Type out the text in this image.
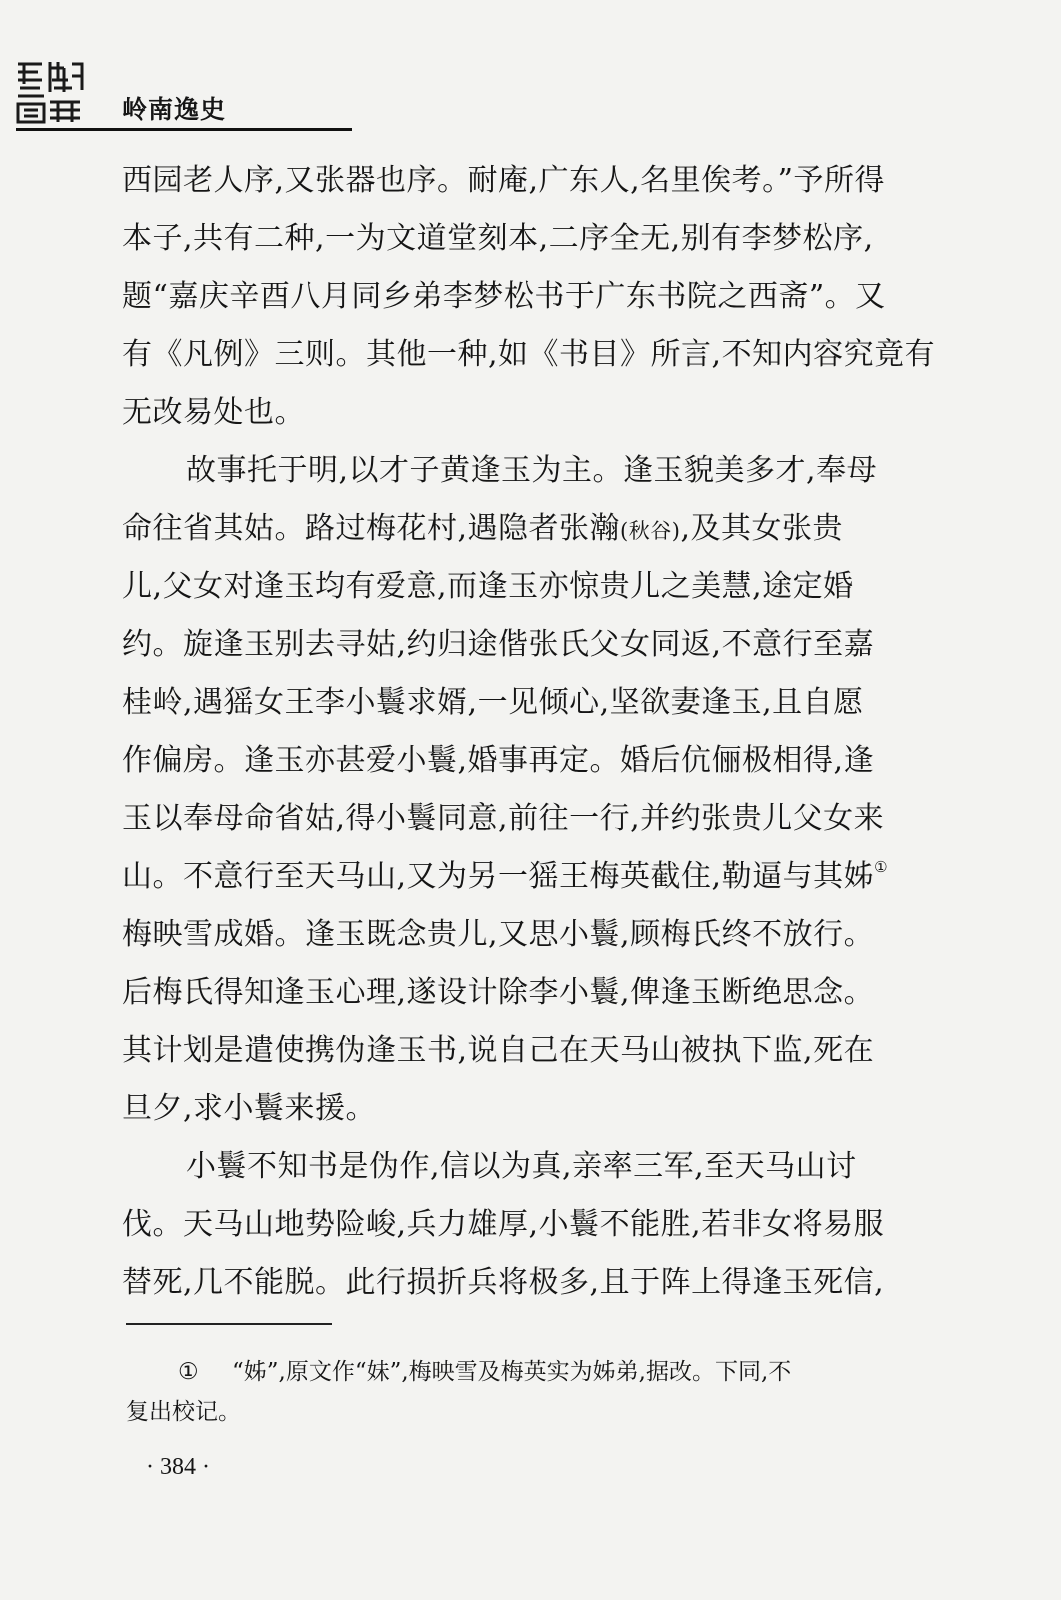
岭南逸史
西园老人序,又张器也序。耐庵,广东人,名里俟考。”予所得
本子,共有二种,一为文道堂刻本,二序全无,别有李梦松序,
题“嘉庆辛酉八月同乡弟李梦松书于广东书院之西斋”。又
有《凡例》三则。其他一种,如《书目》所言,不知内容究竟有
无改易处也。
故事托于明,以才子黄逢玉为主。逢玉貌美多才,奉母
命往省其姑。路过梅花村,遇隐者张瀚(秋谷),及其女张贵
儿,父女对逢玉均有爱意,而逢玉亦惊贵儿之美慧,途定婚
约。旋逢玉别去寻姑,约归途偕张氏父女同返,不意行至嘉
桂岭,遇猺女王李小鬟求婿,一见倾心,坚欲妻逢玉,且自愿
作偏房。逢玉亦甚爱小鬟,婚事再定。婚后伉俪极相得,逢
玉以奉母命省姑,得小鬟同意,前往一行,并约张贵儿父女来
山。不意行至天马山,又为另一猺王梅英截住,勒逼与其姊①
梅映雪成婚。逢玉既念贵儿,又思小鬟,顾梅氏终不放行。
后梅氏得知逢玉心理,遂设计除李小鬟,俾逢玉断绝思念。
其计划是遣使携伪逢玉书,说自己在天马山被执下监,死在
旦夕,求小鬟来援。
小鬟不知书是伪作,信以为真,亲率三军,至天马山讨
伐。天马山地势险峻,兵力雄厚,小鬟不能胜,若非女将易服
替死,几不能脱。此行损折兵将极多,且于阵上得逢玉死信,
① “姊”,原文作“妹”,梅映雪及梅英实为姊弟,据改。下同,不
复出校记。
· 384 ·
